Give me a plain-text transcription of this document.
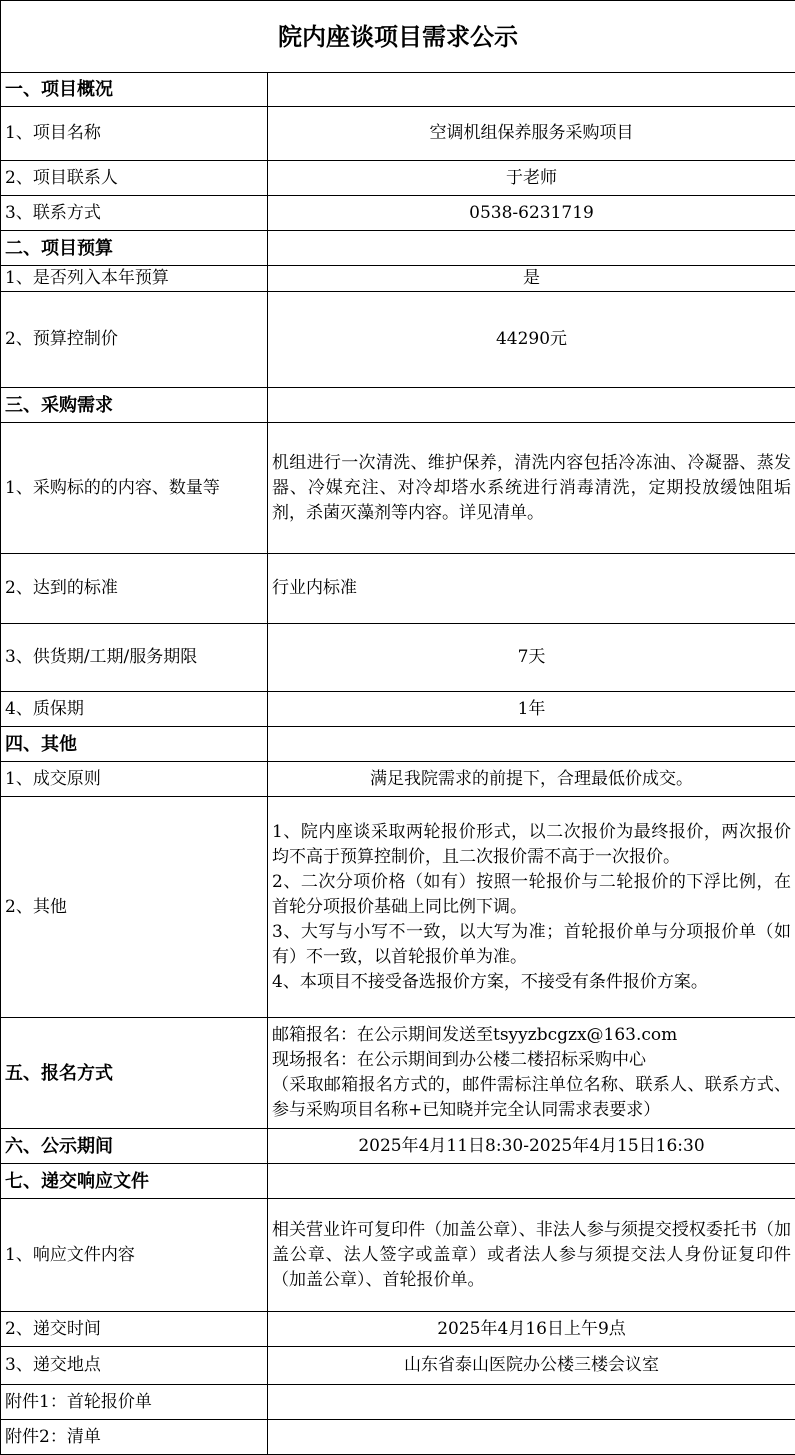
院内座谈项目需求公示	
一、项目概况	
1、项目名称	空调机组保养服务采购项目
2、项目联系人	于老师
3、联系方式	0538-6231719
二、项目预算	
1、是否列入本年预算	是
2、预算控制价	44290元
三、采购需求	
1、采购标的的内容、数量等	机组进行一次清洗、维护保养，清洗内容包括冷冻油、冷凝器、蒸发器、冷媒充注、对冷却塔水系统进行消毒清洗，定期投放缓蚀阻垢剂，杀菌灭藻剂等内容。详见清单。
2、达到的标准	行业内标准
3、供货期/工期/服务期限	7天
4、质保期	1年
四、其他	
1、成交原则	满足我院需求的前提下，合理最低价成交。
2、其他	1、院内座谈采取两轮报价形式，以二次报价为最终报价，两次报价均不高于预算控制价，且二次报价需不高于一次报价。
2、二次分项价格（如有）按照一轮报价与二轮报价的下浮比例，在首轮分项报价基础上同比例下调。
3、大写与小写不一致，以大写为准；首轮报价单与分项报价单（如有）不一致，以首轮报价单为准。
4、本项目不接受备选报价方案，不接受有条件报价方案。

五、报名方式	邮箱报名：在公示期间发送至tsyyzbcgzx@163.com
现场报名：在公示期间到办公楼二楼招标采购中心
（采取邮箱报名方式的，邮件需标注单位名称、联系人、联系方式、参与采购项目名称+已知晓并完全认同需求表要求）

六、公示期间	2025年4月11日8:30-2025年4月15日16:30
七、递交响应文件	
1、响应文件内容	相关营业许可复印件（加盖公章）、非法人参与须提交授权委托书（加盖公章、法人签字或盖章）或者法人参与须提交法人身份证复印件（加盖公章）、首轮报价单。
2、递交时间	2025年4月16日上午9点
3、递交地点	山东省泰山医院办公楼三楼会议室
附件1：首轮报价单	
附件2：清单	
